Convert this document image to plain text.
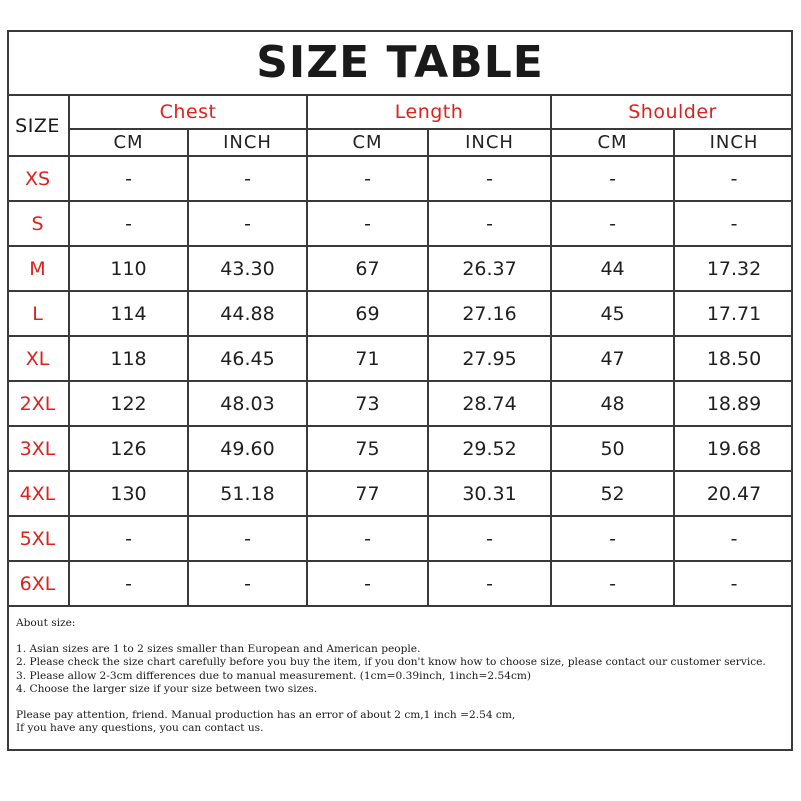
SIZE TABLE
SIZE	Chest		Length		Shoulder	
	CM	INCH	CM	INCH	CM	INCH
XS	-	-	-	-	-	-
S	-	-	-	-	-	-
M	110	43.30	67	26.37	44	17.32
L	114	44.88	69	27.16	45	17.71
XL	118	46.45	71	27.95	47	18.50
2XL	122	48.03	73	28.74	48	18.89
3XL	126	49.60	75	29.52	50	19.68
4XL	130	51.18	77	30.31	52	20.47
5XL	-	-	-	-	-	-
6XL	-	-	-	-	-	-
About size:
1. Asian sizes are 1 to 2 sizes smaller than European and American people.
2. Please check the size chart carefully before you buy the item, if you don't know how to choose size, please contact our customer service.
3. Please allow 2-3cm differences due to manual measurement. (1cm=0.39inch, 1inch=2.54cm)
4. Choose the larger size if your size between two sizes.
Please pay attention, friend. Manual production has an error of about 2 cm,1 inch =2.54 cm,
If you have any questions, you can contact us.
